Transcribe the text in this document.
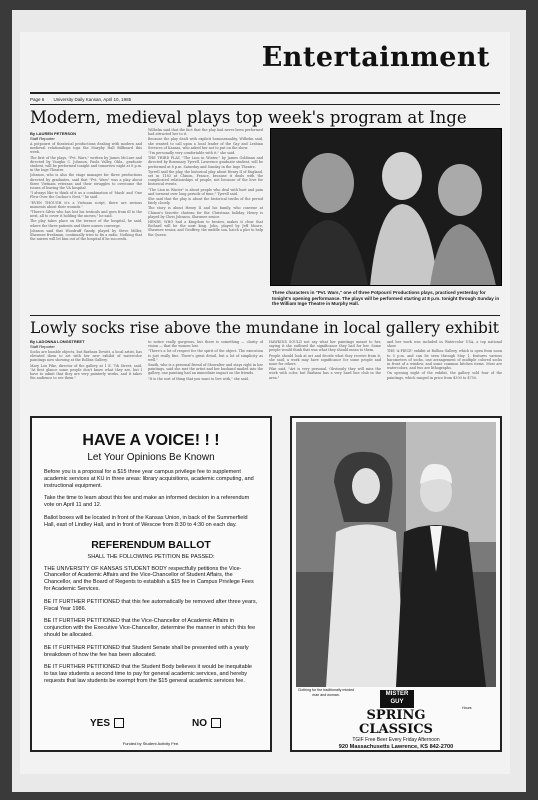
Entertainment
Page 6 University Daily Kansan, April 10, 1985
Modern, medieval plays top week's program at Inge
By LAUREN PETERSON
Staff Reporter

A potpourri of theatrical productions dealing with modern and medieval relationships tops the Murphy Hall Billboard this week.

The first of the plays, "Pvt. Wars," written by James McLure and directed by Vaughn C. Johnson, Paola Valley, Okla., graduate student, will be performed tonight and tomorrow night at 8 p.m. in the Inge Theatre.

Johnson, who is also the stage manager for three productions directed by graduates, said that "Pvt. Wars" was a play about three Vietnam veterans and their struggles to overcome the issues of leaving the VA hospital.

"I always like to think of it as a combination of 'Mash' and 'One Flew Over the Cuckoo's Nest,'" he said.

"EVEN THOUGH it's a Vietnam script, there are serious moments about their wounds."

"There's Silvio who has lost his testicals and goes from ill to the next, all to cover it holding the nurses," he said.

The play takes place on the terrace of the hospital, he said, where the three patients and three nurses converge.

Johnson said that Woodruff Gandy, played by Steve Miller, Shawnee freshman, continually tries to fix a radio. Nothing that the nurses will let him out of the hospital if he succeeds.

Wilhelm said that the fact that the play had never been performed had attracted her to it.

Because the play dealt with explicit homosexuality, Wilhelm said, she wanted to call upon a local leader of the Gay and Lesbian Services of Kansas, who asked her not to put on the show.

"I'm personally very comfortable with it," she said.

THE THIRD PLAY, "The Lion in Winter," by James Goldman and directed by Rosemary Tyrrell, Lawrence graduate student, will be performed at 8 p.m. Saturday and Sunday in the Inge Theatre.

Tyrrell said the play, the historical play about Henry II of England, set in 1183 at Chinon, France, because it deals with the complicated relationships of people, not because of the love for historical events.

"The Lion in Winter" is about people who deal with hurt and pain and torment over long periods of time," Tyrrell said.

She said that the play is about the historical truths of the period fairly closely.

The story is about Henry II and his family, who convene at Chinon's favorite chateau for the Christmas holiday. Henry is played by Chris Johnson, Shawnee senior.

HENRY, WHO had a Kingdom to bestow, makes it clear that Richard will be the next king. John, played by Jeff Moore, Shawnee senior, and Geoffrey, the middle son, hatch a plot to help the Queen.

Three characters in "Pvt. Wars," one of three Potpourri Productions plays, practiced yesterday for tonight's opening performance. The plays will be performed starting at 8 p.m. tonight through Sunday in the William Inge Theatre in Murphy Hall.
Lowly socks rise above the mundane in local gallery exhibit
By LADONNA LONGSTREET
Staff Reporter

Socks are humble objects, but Barbara Dewitt, a local artist, has elevated them to art with her new exhibit of watercolor paintings now showing at the Rollins Gallery.

Mary Lou Pike, director of the gallery at 1 E. 7th Street, said, "At first glance some people don't know what they are, but I have to admit that they are very painterly works, and it takes the audience to see them."

to notice really gorgeous, but there is something — clarity of vision — that the women lost.

"There's a lot of respect for the spirit of the object. The execution is just really fine. There's great detail, but a lot of simplicity as well."

Smith, who is a personal friend of Showalter and stays right in her paintings, said she met the artist and her husband mailed into the gallery, one painting had an immediate impact on the friends.

"It is the sort of thing that you want to live with," she said.

HAWKINS SOULD not say what her paintings meant to her, saying it she outlined the significance they had for her. Some people would think that was what they should mean to them.

People should look at art and decide what they receive from it, she said, a work may have significance for some people and none for others.

Pike said, "Art is very personal. Obviously they will miss the work with color, but Barbara has a very hard line club in the area."

and her work was included in Watercolor USA, a top national show.

THE 'A-PIECE' exhibit at Rollins Gallery, which is open from noon to 5 p.m. and can be seen through May 1, features various barometers of socks, one arrangement of multiple colored socks in front of a window, and some common kitchen items. Most are watercolors, and two are lithographs.

On opening night of the exhibit, the gallery sold four of the paintings, which ranged in price from $300 to $750.

HAVE A VOICE! ! !
Let Your Opinions Be Known

Before you is a proposal for a $15 three year campus privilege fee to supplement academic services at KU in three areas: library acquisitions, academic computing, and instructional equipment.

Take the time to learn about this fee and make an informed decision in a referendum vote on April 11 and 12.

Ballot boxes will be located in front of the Kansas Union, in back of the Summerfield Hall, east of Lindley Hall, and in front of Wescoe from 8:30 to 4:30 on each day.

REFERENDUM BALLOT
SHALL THE FOLLOWING PETITION BE PASSED:

THE UNIVERSITY OF KANSAS STUDENT BODY respectfully petitions the Vice-Chancellor of Academic Affairs and the Vice-Chancellor of Student Affairs, the Chancellor, and the Board of Regents to establish a $15 fee in Campus Privilege Fees for Academic Services.

BE IT FURTHER PETITIONED that this fee automatically be removed after three years, Fiscal Year 1986.

BE IT FURTHER PETITIONED that the Vice-Chancellor of Academic Affairs in conjunction with the Executive Vice-Chancellor, determine the manner in which this fee should be allocated.

BE IT FURTHER PETITIONED that Student Senate shall be presented with a yearly breakdown of how the fee has been allocated.

BE IT FURTHER PETITIONED that the Student Body believes it would be inequitable to tax law students a second time to pay for general academic services, and hereby requests that law students be exempt from the $15 general academic services fee.

YES	NO
Funded by Student Activity Fee.
MISTER GUY
Clothing for the traditionally minded man and woman.
SPRING
CLASSICS
TGIF Free Beer Every Friday Afternoon
920 Massachusetts Lawrence, KS 842-2700
Hours
